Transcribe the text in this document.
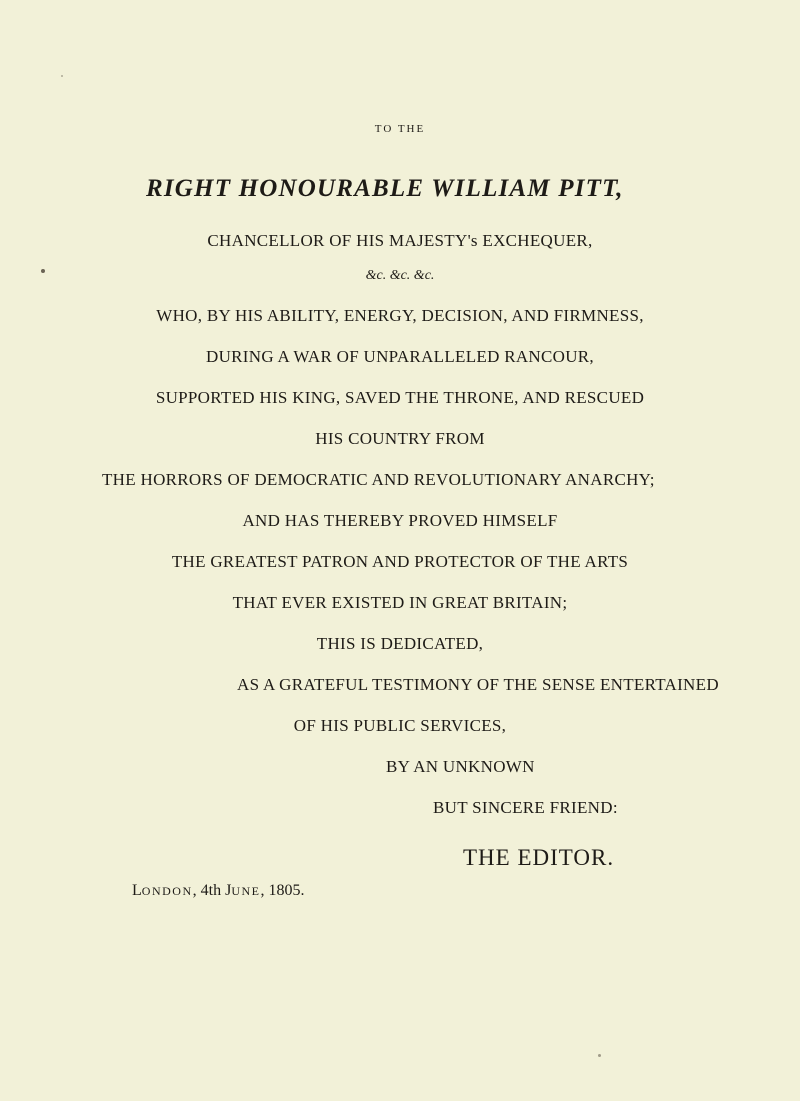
TO THE
RIGHT HONOURABLE WILLIAM PITT,
CHANCELLOR OF HIS MAJESTY's EXCHEQUER,
&c. &c. &c.
WHO, BY HIS ABILITY, ENERGY, DECISION, AND FIRMNESS,
DURING A WAR OF UNPARALLELED RANCOUR,
SUPPORTED HIS KING, SAVED THE THRONE, AND RESCUED
HIS COUNTRY FROM
THE HORRORS OF DEMOCRATIC AND REVOLUTIONARY ANARCHY;
AND HAS THEREBY PROVED HIMSELF
THE GREATEST PATRON AND PROTECTOR OF THE ARTS
THAT EVER EXISTED IN GREAT BRITAIN;
THIS IS DEDICATED,
AS A GRATEFUL TESTIMONY OF THE SENSE ENTERTAINED
OF HIS PUBLIC SERVICES,
BY AN UNKNOWN
BUT SINCERE FRIEND:
THE EDITOR.
LONDON, 4th JUNE, 1805.
